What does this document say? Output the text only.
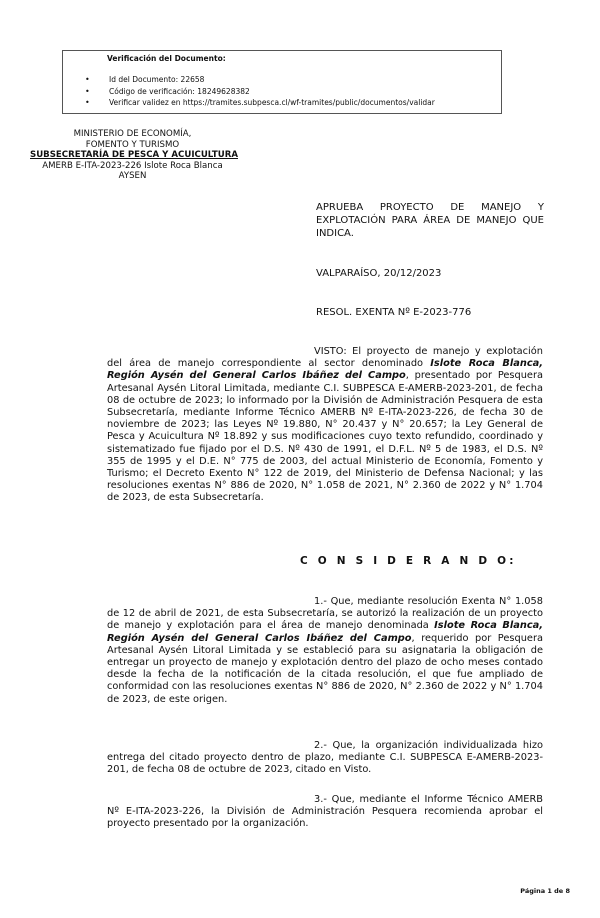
Verificación del Documento:
• Id del Documento: 22658
• Código de verificación: 18249628382
• Verificar validez en https://tramites.subpesca.cl/wf-tramites/public/documentos/validar
MINISTERIO DE ECONOMÍA,
FOMENTO Y TURISMO
SUBSECRETARÍA DE PESCA Y ACUICULTURA
AMERB E-ITA-2023-226 Islote Roca Blanca
AYSEN
APRUEBA PROYECTO DE MANEJO Y EXPLOTACIÓN PARA ÁREA DE MANEJO QUE INDICA.
VALPARAÍSO, 20/12/2023
RESOL. EXENTA Nº E-2023-776
VISTO: El proyecto de manejo y explotación del área de manejo correspondiente al sector denominado Islote Roca Blanca, Región Aysén del General Carlos Ibáñez del Campo, presentado por Pesquera Artesanal Aysén Litoral Limitada, mediante C.I. SUBPESCA E-AMERB-2023-201, de fecha 08 de octubre de 2023; lo informado por la División de Administración Pesquera de esta Subsecretaría, mediante Informe Técnico AMERB Nº E-ITA-2023-226, de fecha 30 de noviembre de 2023; las Leyes Nº 19.880, N° 20.437 y N° 20.657; la Ley General de Pesca y Acuicultura Nº 18.892 y sus modificaciones cuyo texto refundido, coordinado y sistematizado fue fijado por el D.S. Nº 430 de 1991, el D.F.L. Nº 5 de 1983, el D.S. Nº 355 de 1995 y el D.E. N° 775 de 2003, del actual Ministerio de Economía, Fomento y Turismo; el Decreto Exento N° 122 de 2019, del Ministerio de Defensa Nacional; y las resoluciones exentas N° 886 de 2020, N° 1.058 de 2021, N° 2.360 de 2022 y N° 1.704 de 2023, de esta Subsecretaría.
C O N S I D E R A N D O:
1.- Que, mediante resolución Exenta N° 1.058 de 12 de abril de 2021, de esta Subsecretaría, se autorizó la realización de un proyecto de manejo y explotación para el área de manejo denominada Islote Roca Blanca, Región Aysén del General Carlos Ibáñez del Campo, requerido por Pesquera Artesanal Aysén Litoral Limitada y se estableció para su asignataria la obligación de entregar un proyecto de manejo y explotación dentro del plazo de ocho meses contado desde la fecha de la notificación de la citada resolución, el que fue ampliado de conformidad con las resoluciones exentas N° 886 de 2020, N° 2.360 de 2022 y N° 1.704 de 2023, de este origen.
2.- Que, la organización individualizada hizo entrega del citado proyecto dentro de plazo, mediante C.I. SUBPESCA E-AMERB-2023-201, de fecha 08 de octubre de 2023, citado en Visto.
3.- Que, mediante el Informe Técnico AMERB Nº E-ITA-2023-226, la División de Administración Pesquera recomienda aprobar el proyecto presentado por la organización.
Página 1 de 8
